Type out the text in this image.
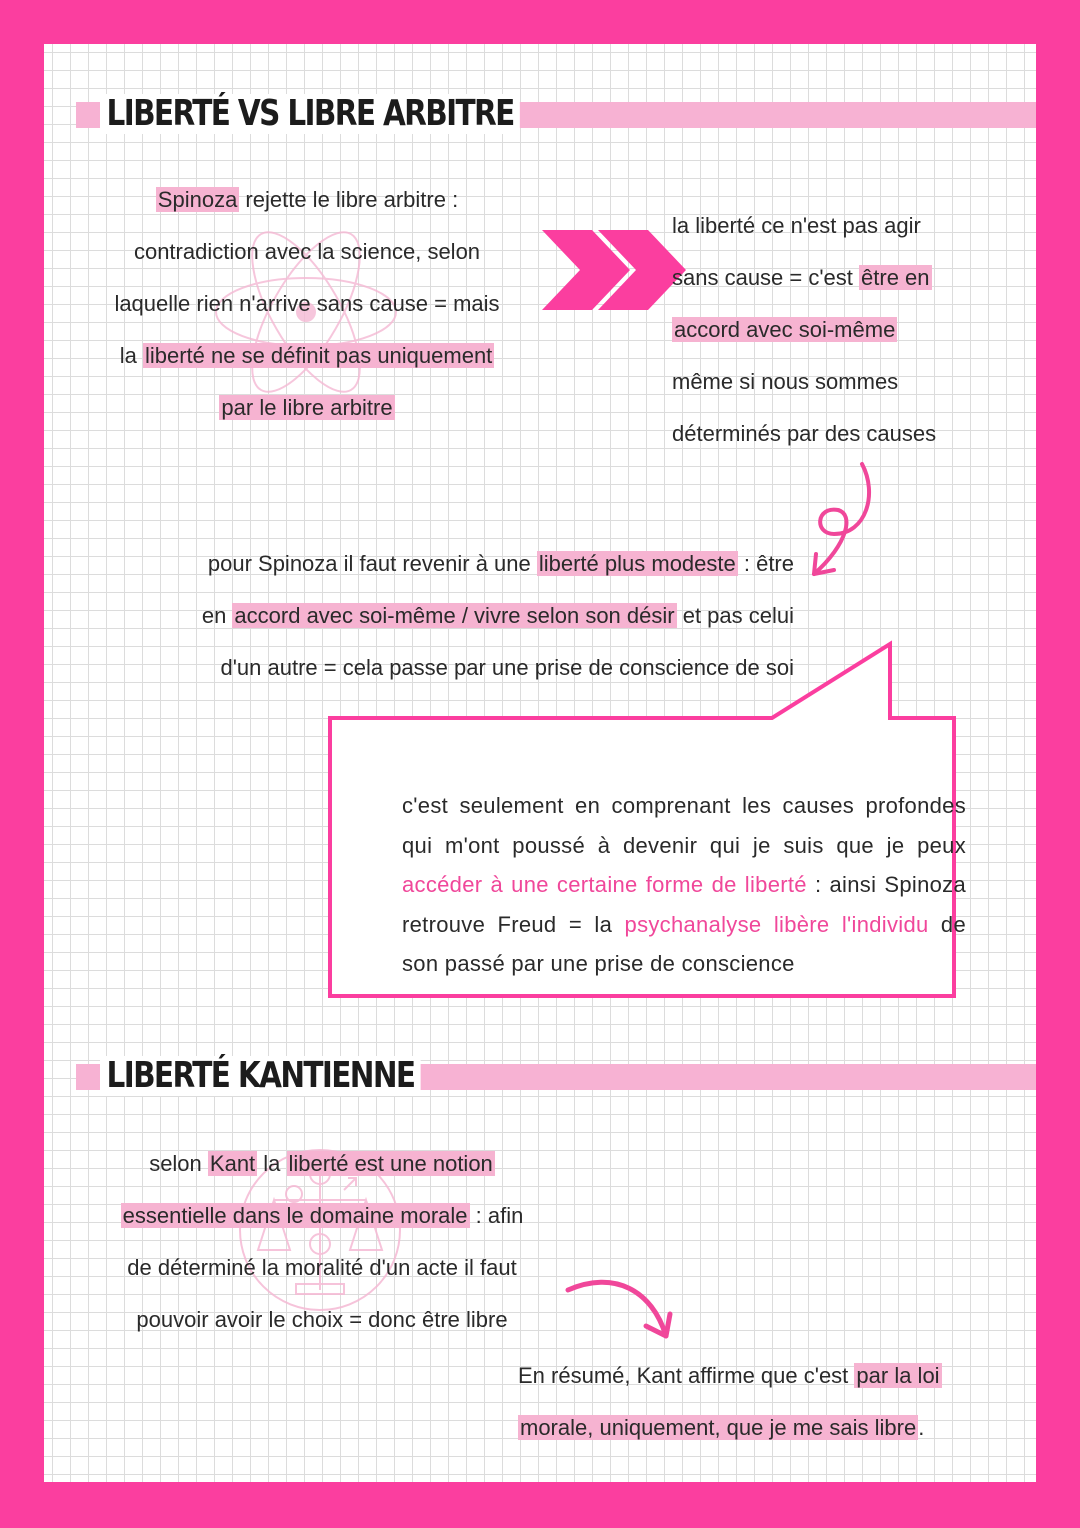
LIBERTÉ VS LIBRE ARBITRE
Spinoza rejette le libre arbitre :
contradiction avec la science, selon
laquelle rien n'arrive sans cause = mais
la liberté ne se définit pas uniquement
par le libre arbitre
la liberté ce n'est pas agir
sans cause = c'est être en
accord avec soi-même
même si nous sommes
déterminés par des causes
pour Spinoza il faut revenir à une liberté plus modeste : être
en accord avec soi-même / vivre selon son désir et pas celui
d'un autre = cela passe par une prise de conscience de soi
c'est seulement en comprenant les causes profondes qui m'ont poussé à devenir qui je suis que je peux accéder à une certaine forme de liberté : ainsi Spinoza retrouve Freud = la psychanalyse libère l'individu de son passé par une prise de conscience
LIBERTÉ KANTIENNE
selon Kant la liberté est une notion
essentielle dans le domaine morale : afin
de déterminé la moralité d'un acte il faut
pouvoir avoir le choix = donc être libre
En résumé, Kant affirme que c'est par la loi
morale, uniquement, que je me sais libre.
